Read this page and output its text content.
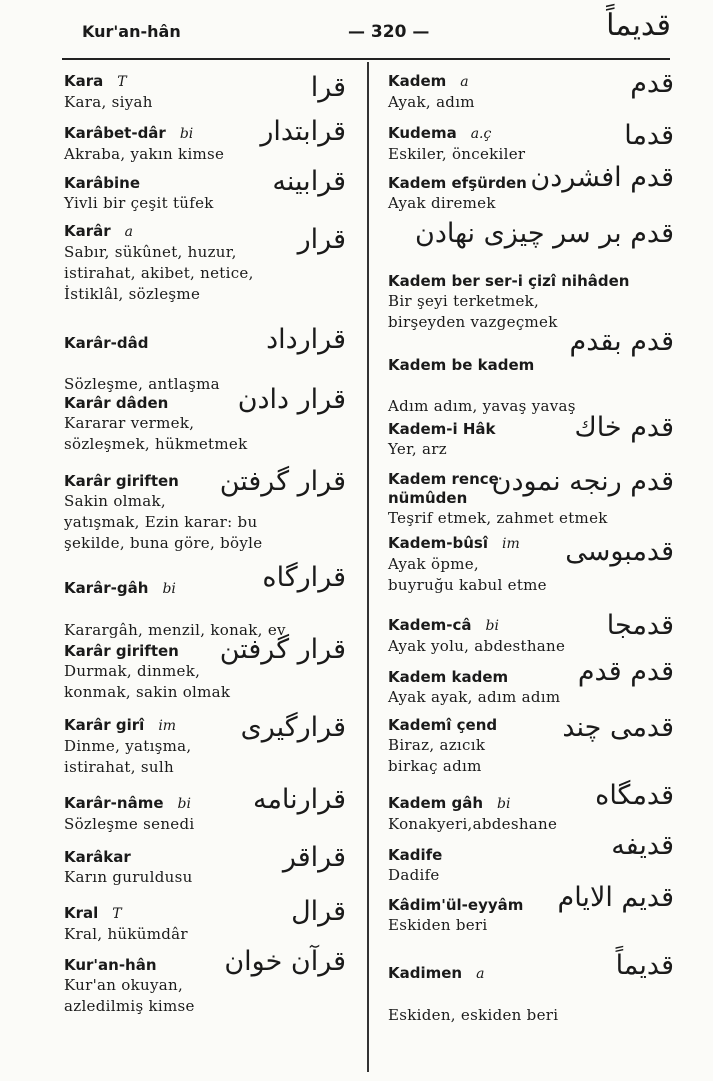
Kur'an-hân	— 320 —	قديماً
Kara T
Kara, siyah	قرا
Karâbet-dâr bi
Akraba, yakın kimse
قرابتدار
Karâbine
Yivli bir çeşit tüfek
قرابينه
Karâr a
Sabır, sükûnet, huzur,
istirahat, akibet, netice,
İstiklâl, sözleşme
قرار
Karâr-dâd

Sözleşme, antlaşma
قرارداد
Karâr dâden
Kararar vermek,
sözleşmek, hükmetmek
قرار دادن
Karâr giriften
Sakin olmak,
yatışmak, Ezin karar: bu
şekilde, buna göre, böyle
قرار گرفتن
Karâr-gâh bi

Karargâh, menzil, konak, ev
قرارگاه
Karâr giriften
Durmak, dinmek,
konmak, sakin olmak
قرار گرفتن
Karâr girî im
Dinme, yatışma,
istirahat, sulh
قرارگيرى
Karâr-nâme bi
Sözleşme senedi
قرارنامه
Karâkar
Karın guruldusu
قراقر
Kral T
Kral, hükümdâr
قرال
Kur'an-hân
Kur'an okuyan,
azledilmiş kimse
قرآن خوان
Kadem a
Ayak, adım
قدم
Kudema a.ç
Eskiler, öncekiler
قدما
Kadem efşürden
Ayak diremek
قدم افشردن
قدم بر سر چيزى نهادن
Kadem ber ser-i çizî nihâden
Bir şeyi terketmek,
birşeyden vazgeçmek
Kadem be kadem

Adım adım, yavaş yavaş
قدم بقدم
Kadem-i Hâk
Yer, arz
قدم خاك
Kadem rence
nümûden
Teşrif etmek, zahmet etmek
قدم رنجه نمودن
Kadem-bûsî im
Ayak öpme,
buyruğu kabul etme
قدمبوسى
Kadem-câ bi
Ayak yolu, abdesthane
قدمجا
Kadem kadem
Ayak ayak, adım adım
قدم قدم
Kademî çend
Biraz, azıcık
birkaç adım
قدمى چند
Kadem gâh bi
Konakyeri,abdeshane
قدمگاه
Kadife
Dadife
قديفه
Kâdim'ül-eyyâm
Eskiden beri
قديم الايام
Kadimen a

Eskiden, eskiden beri
قديماً
